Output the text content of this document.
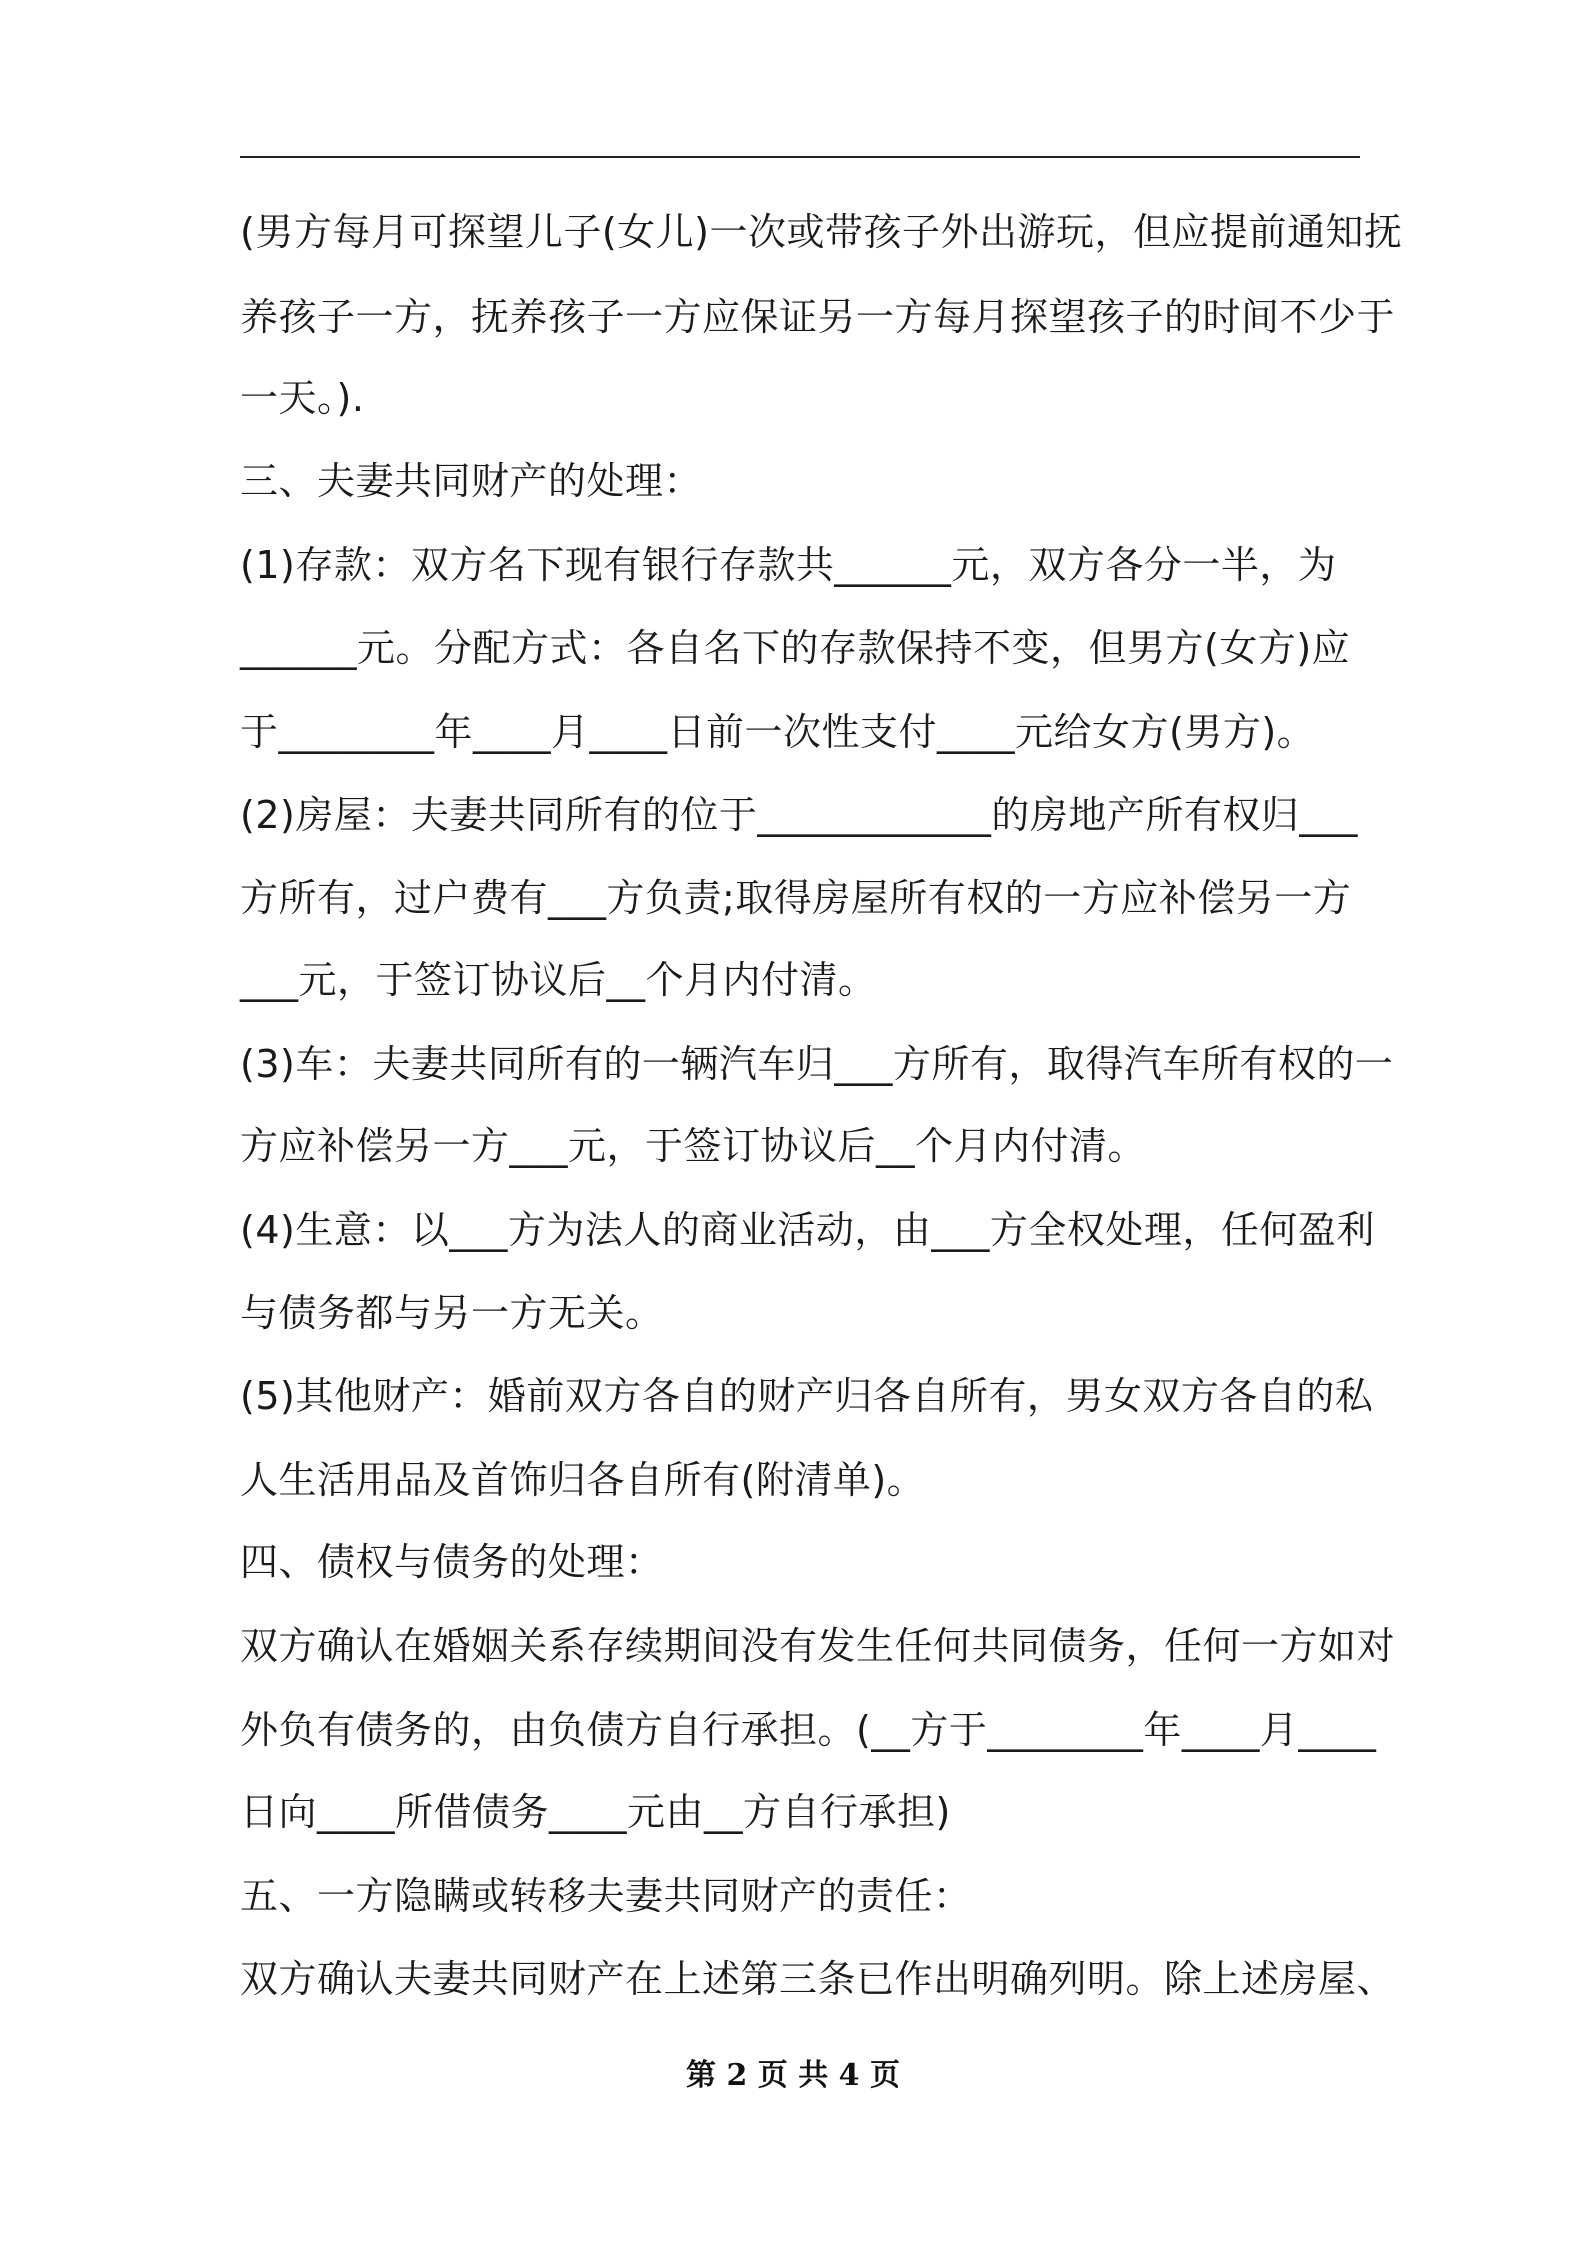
(男方每月可探望儿子(女儿)一次或带孩子外出游玩，但应提前通知抚
养孩子一方，抚养孩子一方应保证另一方每月探望孩子的时间不少于
一天。).
三、夫妻共同财产的处理：
(1)存款：双方名下现有银行存款共______元，双方各分一半，为
______元。分配方式：各自名下的存款保持不变，但男方(女方)应
于________年____月____日前一次性支付____元给女方(男方)。
(2)房屋：夫妻共同所有的位于____________的房地产所有权归___
方所有，过户费有___方负责;取得房屋所有权的一方应补偿另一方
___元，于签订协议后__个月内付清。
(3)车：夫妻共同所有的一辆汽车归___方所有，取得汽车所有权的一
方应补偿另一方___元，于签订协议后__个月内付清。
(4)生意：以___方为法人的商业活动，由___方全权处理，任何盈利
与债务都与另一方无关。
(5)其他财产：婚前双方各自的财产归各自所有，男女双方各自的私
人生活用品及首饰归各自所有(附清单)。
四、债权与债务的处理：
双方确认在婚姻关系存续期间没有发生任何共同债务，任何一方如对
外负有债务的，由负债方自行承担。(__方于________年____月____
日向____所借债务____元由__方自行承担)
五、一方隐瞒或转移夫妻共同财产的责任：
双方确认夫妻共同财产在上述第三条已作出明确列明。除上述房屋、
第 2 页 共 4 页
